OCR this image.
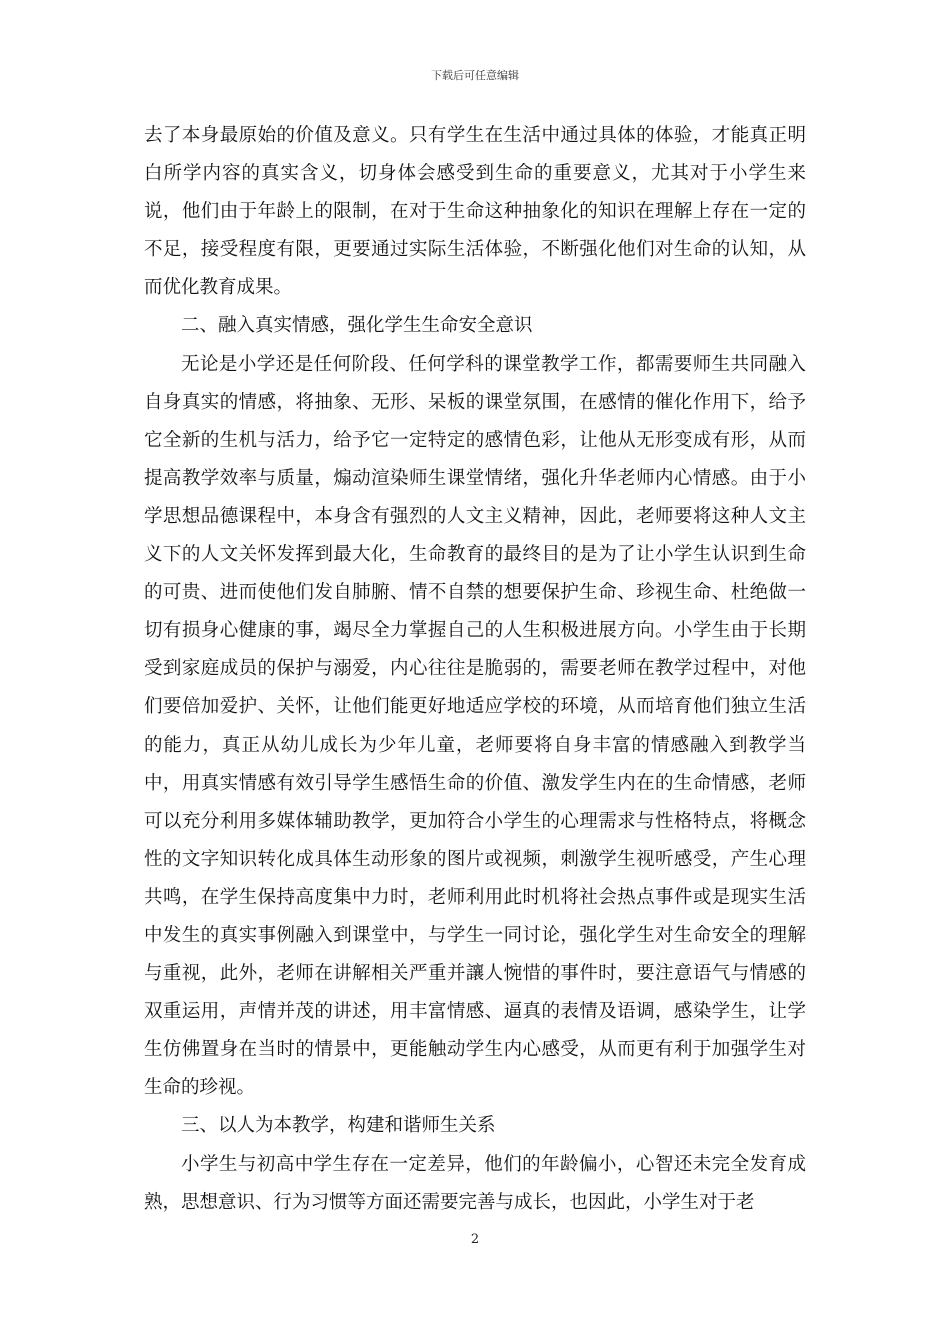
下载后可任意编辑

去了本身最原始的价值及意义。只有学生在生活中通过具体的体验，才能真正明白所学内容的真实含义，切身体会感受到生命的重要意义，尤其对于小学生来说，他们由于年龄上的限制，在对于生命这种抽象化的知识在理解上存在一定的不足，接受程度有限，更要通过实际生活体验，不断强化他们对生命的认知，从而优化教育成果。

二、融入真实情感，强化学生生命安全意识

无论是小学还是任何阶段、任何学科的课堂教学工作，都需要师生共同融入自身真实的情感，将抽象、无形、呆板的课堂氛围，在感情的催化作用下，给予它全新的生机与活力，给予它一定特定的感情色彩，让他从无形变成有形，从而提高教学效率与质量，煽动渲染师生课堂情绪，强化升华老师内心情感。由于小学思想品德课程中，本身含有强烈的人文主义精神，因此，老师要将这种人文主义下的人文关怀发挥到最大化，生命教育的最终目的是为了让小学生认识到生命的可贵、进而使他们发自肺腑、情不自禁的想要保护生命、珍视生命、杜绝做一切有损身心健康的事，竭尽全力掌握自己的人生积极进展方向。小学生由于长期受到家庭成员的保护与溺爱，内心往往是脆弱的，需要老师在教学过程中，对他们要倍加爱护、关怀，让他们能更好地适应学校的环境，从而培育他们独立生活的能力，真正从幼儿成长为少年儿童，老师要将自身丰富的情感融入到教学当中，用真实情感有效引导学生感悟生命的价值、激发学生内在的生命情感，老师可以充分利用多媒体辅助教学，更加符合小学生的心理需求与性格特点，将概念性的文字知识转化成具体生动形象的图片或视频，刺激学生视听感受，产生心理共鸣，在学生保持高度集中力时，老师利用此时机将社会热点事件或是现实生活中发生的真实事例融入到课堂中，与学生一同讨论，强化学生对生命安全的理解与重视，此外，老师在讲解相关严重并讓人惋惜的事件时，要注意语气与情感的双重运用，声情并茂的讲述，用丰富情感、逼真的表情及语调，感染学生，让学生仿佛置身在当时的情景中，更能触动学生内心感受，从而更有利于加强学生对生命的珍视。

三、以人为本教学，构建和谐师生关系

小学生与初高中学生存在一定差异，他们的年龄偏小，心智还未完全发育成熟，思想意识、行为习惯等方面还需要完善与成长，也因此，小学生对于老

2
